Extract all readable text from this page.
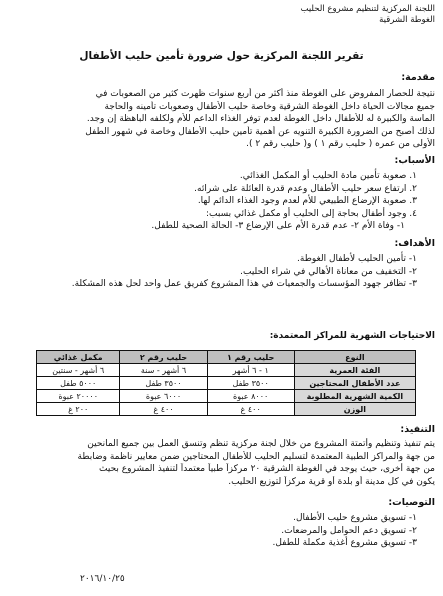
اللجنة المركزية لتنظيم مشروع الحليب
الغوطة الشرقية
تقرير اللجنة المركزية حول ضرورة تأمين حليب الأطفال
مقدمة:
نتيجة للحصار المفروض على الغوطة منذ أكثر من أربع سنوات ظهرت كثير من الصعوبات في
جميع مجالات الحياة داخل الغوطة الشرقية وخاصة حليب الأطفال وصعوبات تأمينه والحاجة
الماسة والكبيرة له للأطفال داخل الغوطة لعدم توفر الغذاء الداعم للأم ولكلفه الباهظة إن وجد.
لذلك أصبح من الضرورة الكبيرة التنويه عن أهمية تأمين حليب الأطفال وخاصة في شهور الطفل
الأولى من عمره ( حليب رقم ١ ) و( حليب رقم ٢ ).
الأسباب:
١. صعوبة تأمين مادة الحليب أو المكمل الغذائي.
٢. ارتفاع سعر حليب الأطفال وعدم قدرة العائلة على شرائه.
٣. صعوبة الإرضاع الطبيعي للأم لعدم وجود الغذاء الدائم لها.
٤. وجود أطفال بحاجة إلى الحليب أو مكمل غذائي بسبب:
١- وفاة الأم ٢- عدم قدرة الأم على الإرضاع ٣- الحالة الصحية للطفل.
الأهداف:
١- تأمين الحليب لأطفال الغوطة.
٢- التخفيف من معاناة الأهالي في شراء الحليب.
٣- تظافر جهود المؤسسات والجمعيات في هذا المشروع كفريق عمل واحد لحل هذه المشكلة.
الاحتياجات الشهرية للمراكز المعتمدة:
النوع	حليب رقم ١	حليب رقم ٢	مكمل غذائي
الفئة العمرية	١ - ٦ أشهر	٦ أشهر - سنة	٦ أشهر - سنتين
عدد الأطفال المحتاجين	٣٥٠٠ طفل	٣٥٠٠ طفل	٥٠٠٠ طفل
الكمية الشهرية المطلوبة	٨٠٠٠ عبوة	٦٠٠٠ عبوة	٢٠٠٠٠ عبوة
الوزن	٤٠٠ غ	٤٠٠ غ	٢٠٠ غ
التنفيذ:
يتم تنفيذ وتنظيم وأتمتة المشروع من خلال لجنة مركزية تنظم وتنسق العمل بين جميع المانحين
من جهة والمراكز الطبية المعتمدة لتسليم الحليب للأطفال المحتاجين ضمن معايير ناظمة وضابطة
من جهة أخرى، حيث يوجد في الغوطة الشرقية ٢٠ مركزاً طبياً معتمداً لتنفيذ المشروع بحيث
يكون في كل مدينة أو بلدة أو قرية مركزاً لتوزيع الحليب.
التوصيات:
١- تسويق مشروع حليب الأطفال.
٢- تسويق دعم الحوامل والمرضعات.
٣- تسويق مشروع أغذية مكملة للطفل.
٢٠١٦/١٠/٢٥
